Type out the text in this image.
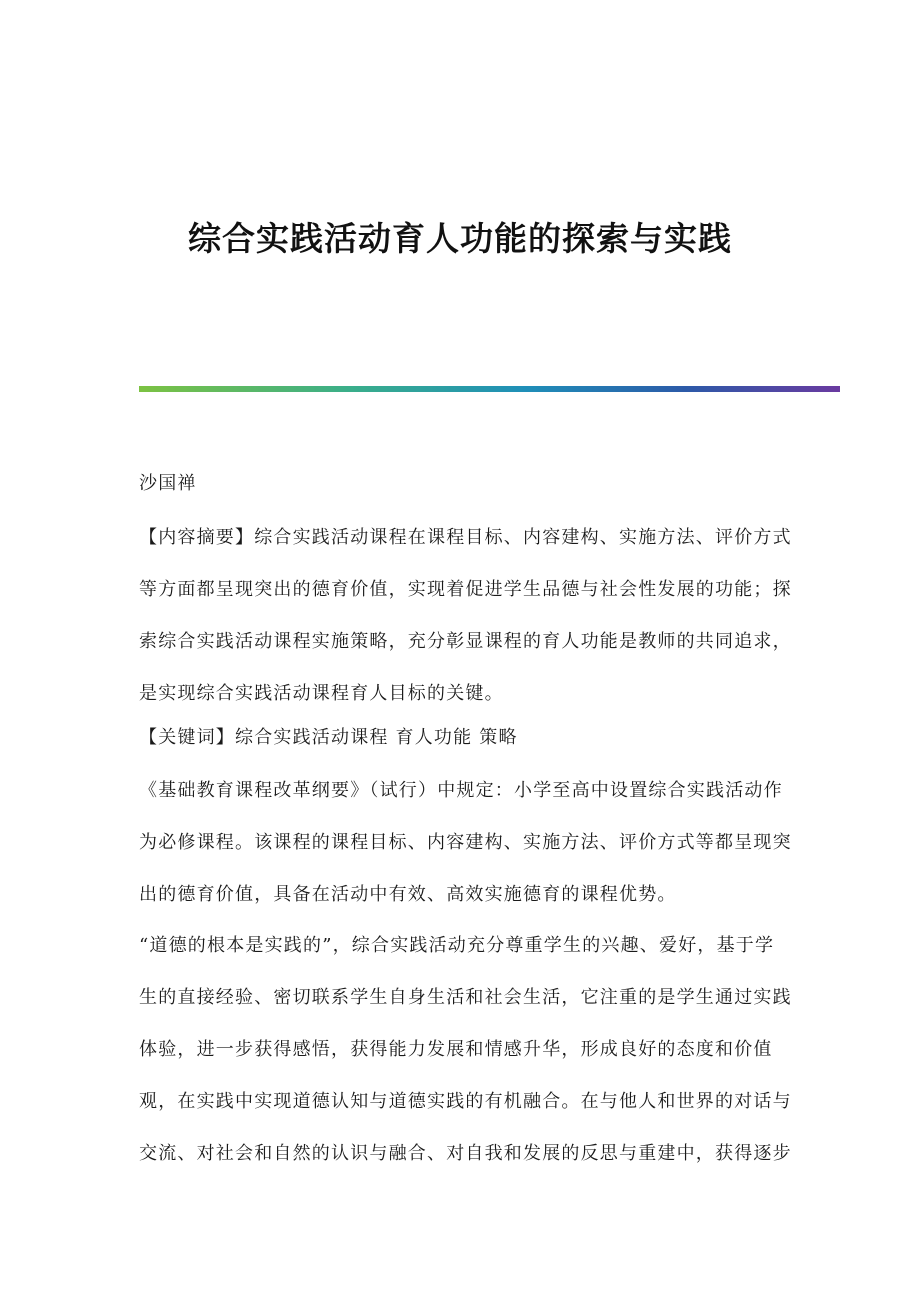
综合实践活动育人功能的探索与实践

沙国禅

【内容摘要】综合实践活动课程在课程目标、内容建构、实施方法、评价方式
等方面都呈现突出的德育价值，实现着促进学生品德与社会性发展的功能；探
索综合实践活动课程实施策略，充分彰显课程的育人功能是教师的共同追求，
是实现综合实践活动课程育人目标的关键。

【关键词】综合实践活动课程 育人功能 策略

《基础教育课程改革纲要》（试行）中规定：小学至高中设置综合实践活动作
为必修课程。该课程的课程目标、内容建构、实施方法、评价方式等都呈现突
出的德育价值，具备在活动中有效、高效实施德育的课程优势。
“道德的根本是实践的”，综合实践活动充分尊重学生的兴趣、爱好，基于学
生的直接经验、密切联系学生自身生活和社会生活，它注重的是学生通过实践
体验，进一步获得感悟，获得能力发展和情感升华，形成良好的态度和价值
观，在实践中实现道德认知与道德实践的有机融合。在与他人和世界的对话与
交流、对社会和自然的认识与融合、对自我和发展的反思与重建中，获得逐步
